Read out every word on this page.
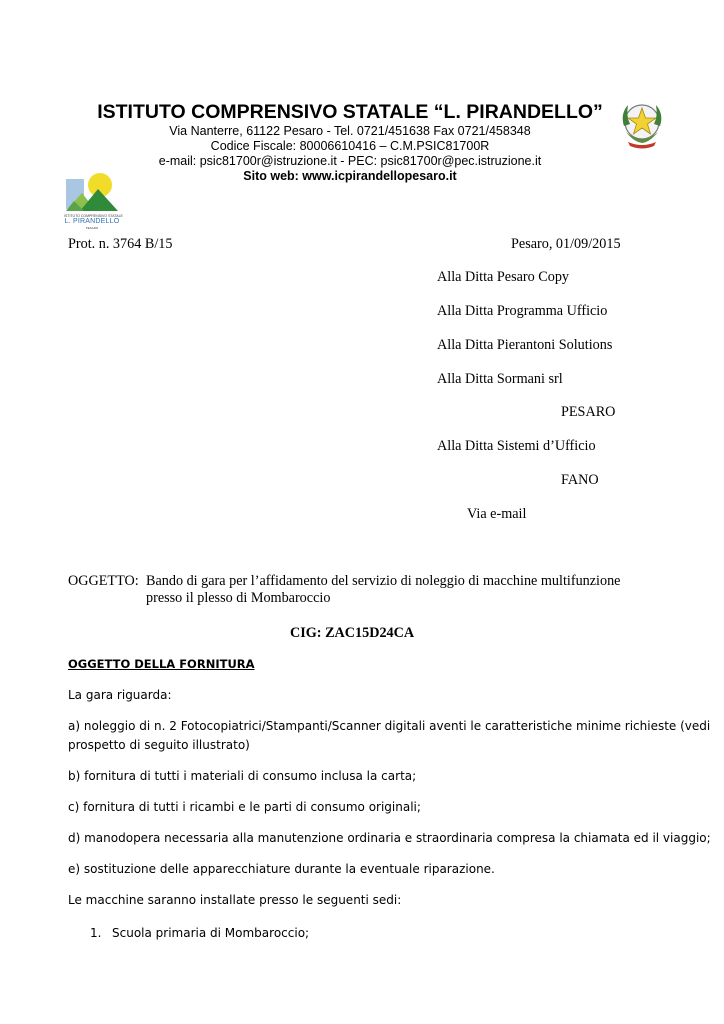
ISTITUTO COMPRENSIVO STATALE “L. PIRANDELLO”
Via Nanterre, 61122 Pesaro - Tel. 0721/451638 Fax 0721/458348
Codice Fiscale: 80006610416 – C.M.PSIC81700R
e-mail: psic81700r@istruzione.it - PEC: psic81700r@pec.istruzione.it
Sito web: www.icpirandellopesaro.it
ISTITUTO COMPRENSIVO STATALE
L. PIRANDELLO
PESARO
Prot. n. 3764 B/15	Pesaro, 01/09/2015
Alla Ditta Pesaro Copy
Alla Ditta Programma Ufficio
Alla Ditta Pierantoni Solutions
Alla Ditta Sormani srl
PESARO
Alla Ditta Sistemi d’Ufficio
FANO
Via e-mail
OGGETTO: Bando di gara per l’affidamento del servizio di noleggio di macchine multifunzione
presso il plesso di Mombaroccio
CIG: ZAC15D24CA
OGGETTO DELLA FORNITURA
La gara riguarda:
a) noleggio di n. 2 Fotocopiatrici/Stampanti/Scanner digitali aventi le caratteristiche minime richieste (vedi
prospetto di seguito illustrato)
b) fornitura di tutti i materiali di consumo inclusa la carta;
c) fornitura di tutti i ricambi e le parti di consumo originali;
d) manodopera necessaria alla manutenzione ordinaria e straordinaria compresa la chiamata ed il viaggio;
e) sostituzione delle apparecchiature durante la eventuale riparazione.
Le macchine saranno installate presso le seguenti sedi:
1. Scuola primaria di Mombaroccio;
